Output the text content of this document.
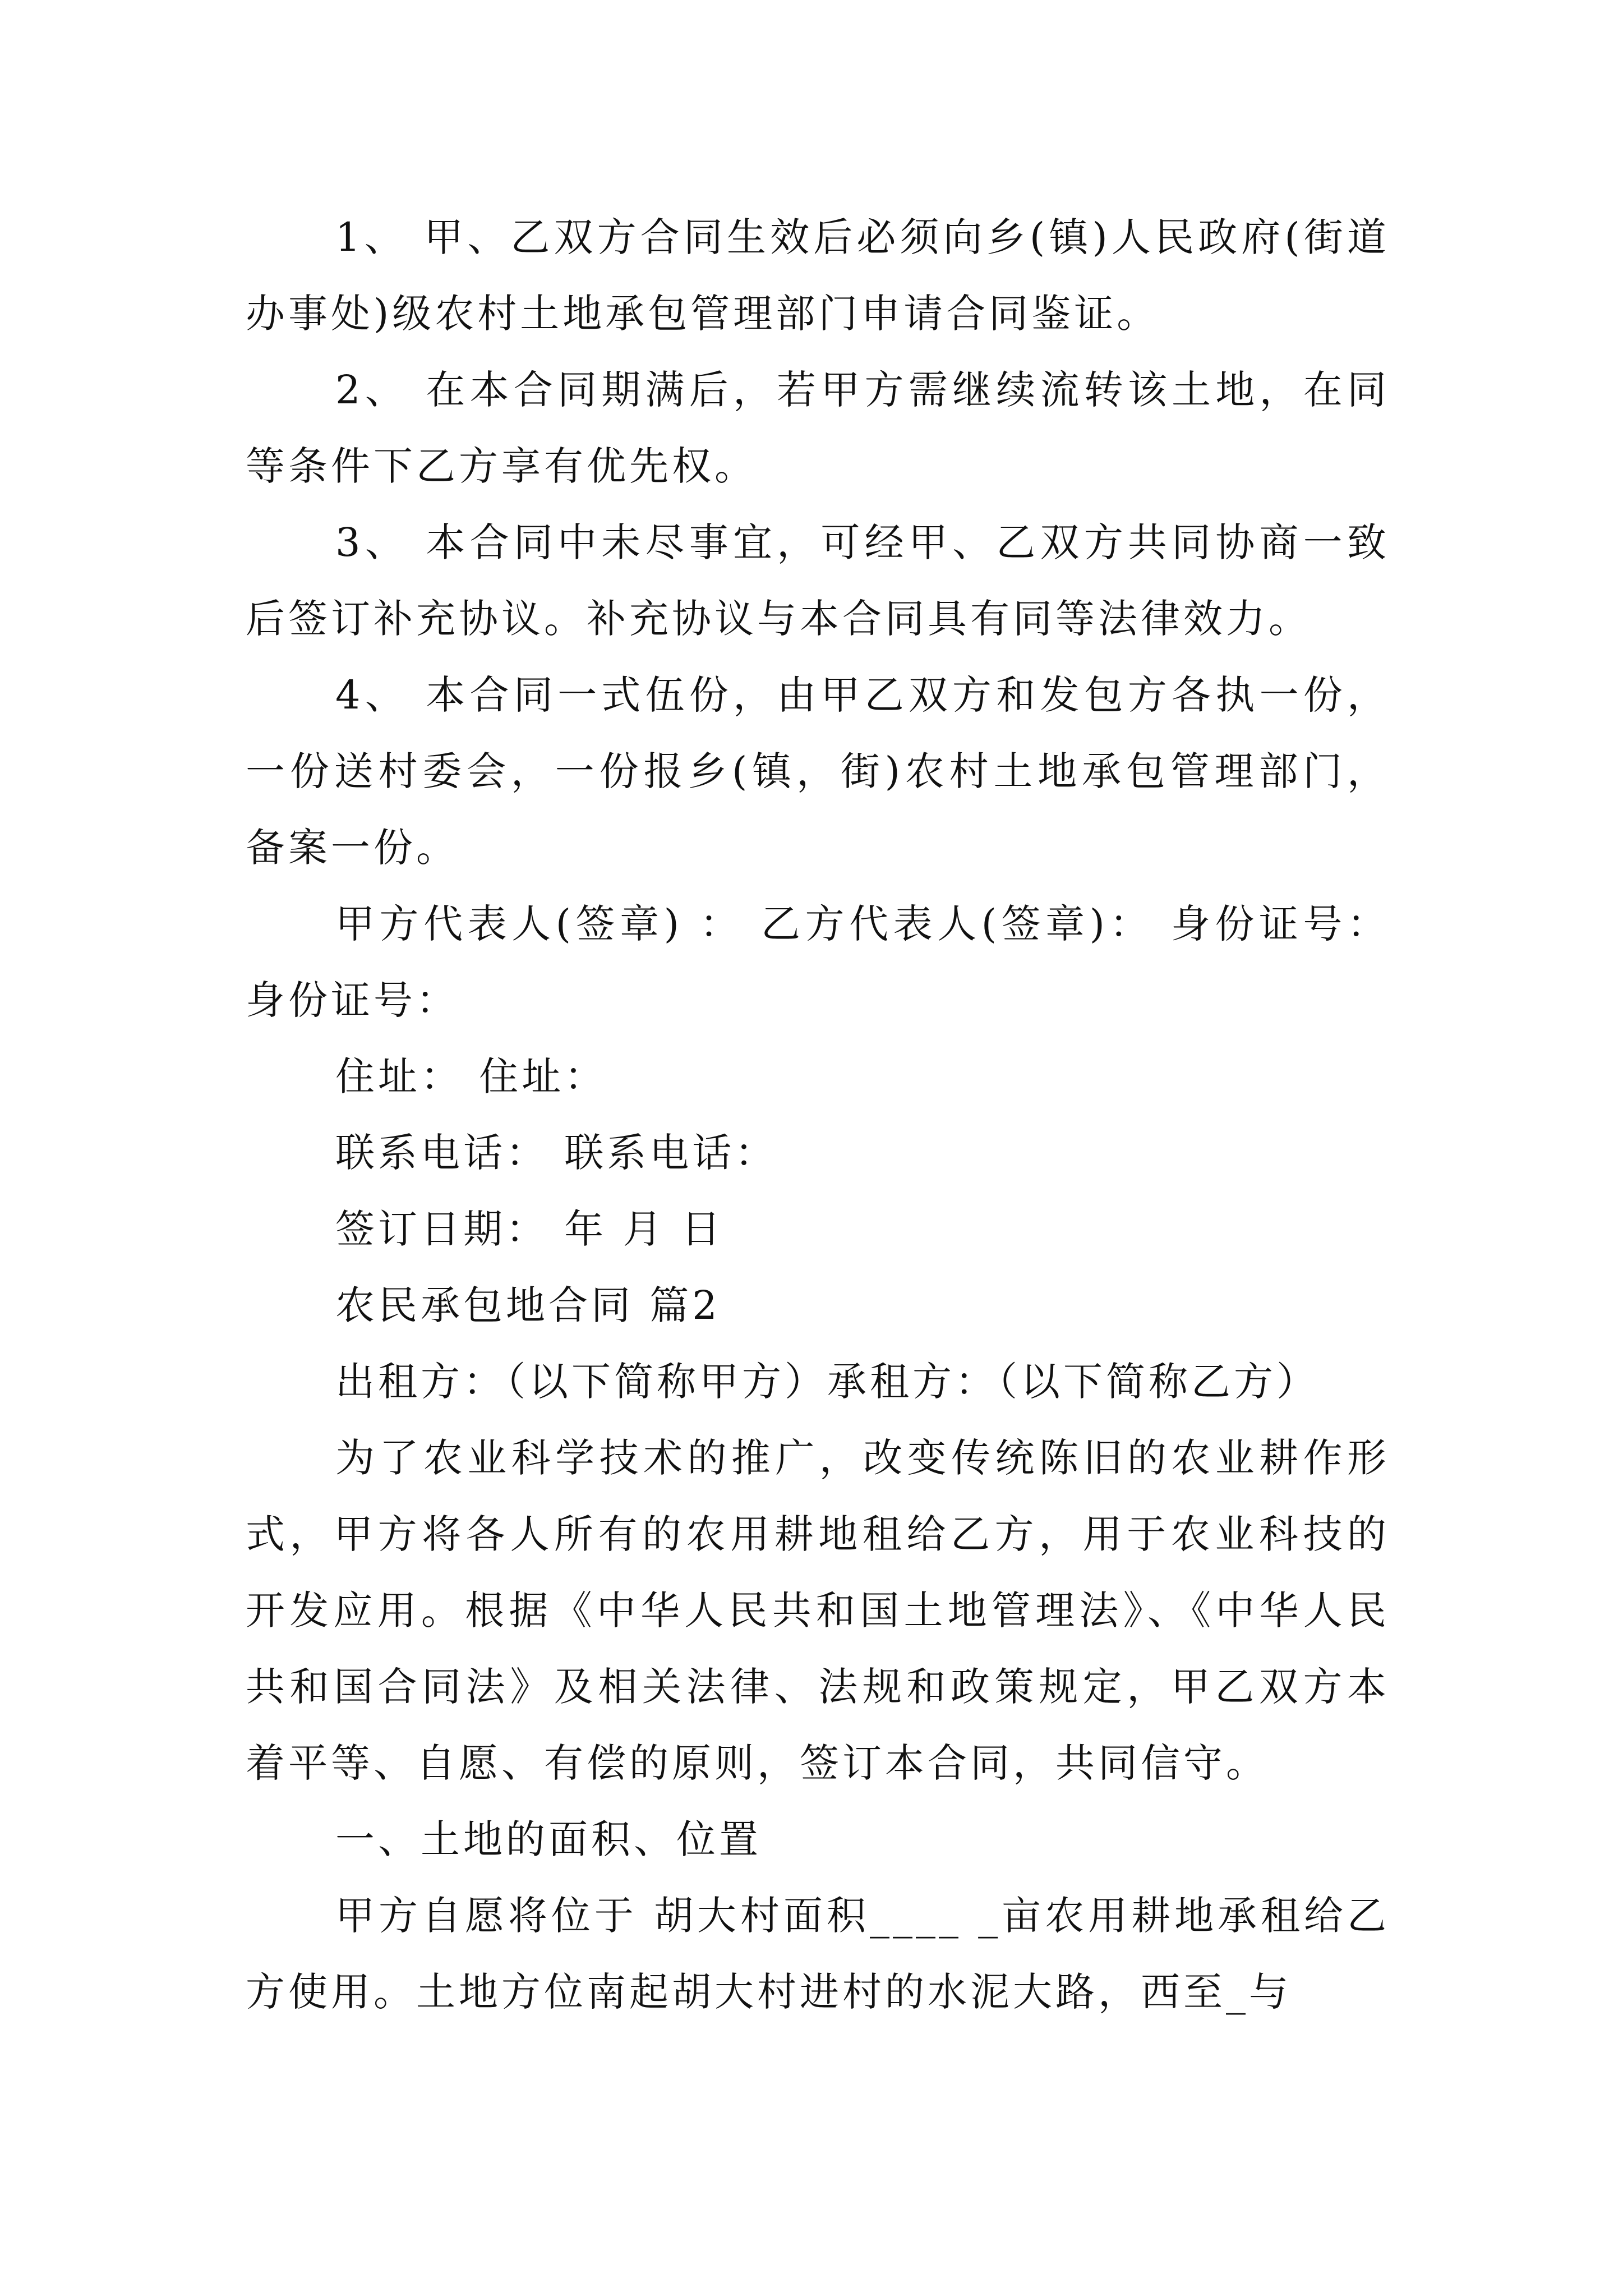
1、 甲、乙双方合同生效后必须向乡(镇)人民政府(街道办事处)级农村土地承包管理部门申请合同鉴证。

2、 在本合同期满后，若甲方需继续流转该土地，在同等条件下乙方享有优先权。

3、 本合同中未尽事宜，可经甲、乙双方共同协商一致后签订补充协议。补充协议与本合同具有同等法律效力。

4、 本合同一式伍份，由甲乙双方和发包方各执一份，一份送村委会，一份报乡(镇，街)农村土地承包管理部门，备案一份。

甲方代表人(签章) ： 乙方代表人(签章)： 身份证号：身份证号：

住址： 住址：

联系电话： 联系电话：

签订日期： 年 月 日

农民承包地合同 篇2

出租方：（以下简称甲方）承租方：（以下简称乙方）

为了农业科学技术的推广，改变传统陈旧的农业耕作形式，甲方将各人所有的农用耕地租给乙方，用于农业科技的开发应用。根据《中华人民共和国土地管理法》、《中华人民共和国合同法》及相关法律、法规和政策规定，甲乙双方本着平等、自愿、有偿的原则，签订本合同，共同信守。

一、土地的面积、位置

甲方自愿将位于 胡大村面积____ _亩农用耕地承租给乙方使用。土地方位南起胡大村进村的水泥大路，西至_与
